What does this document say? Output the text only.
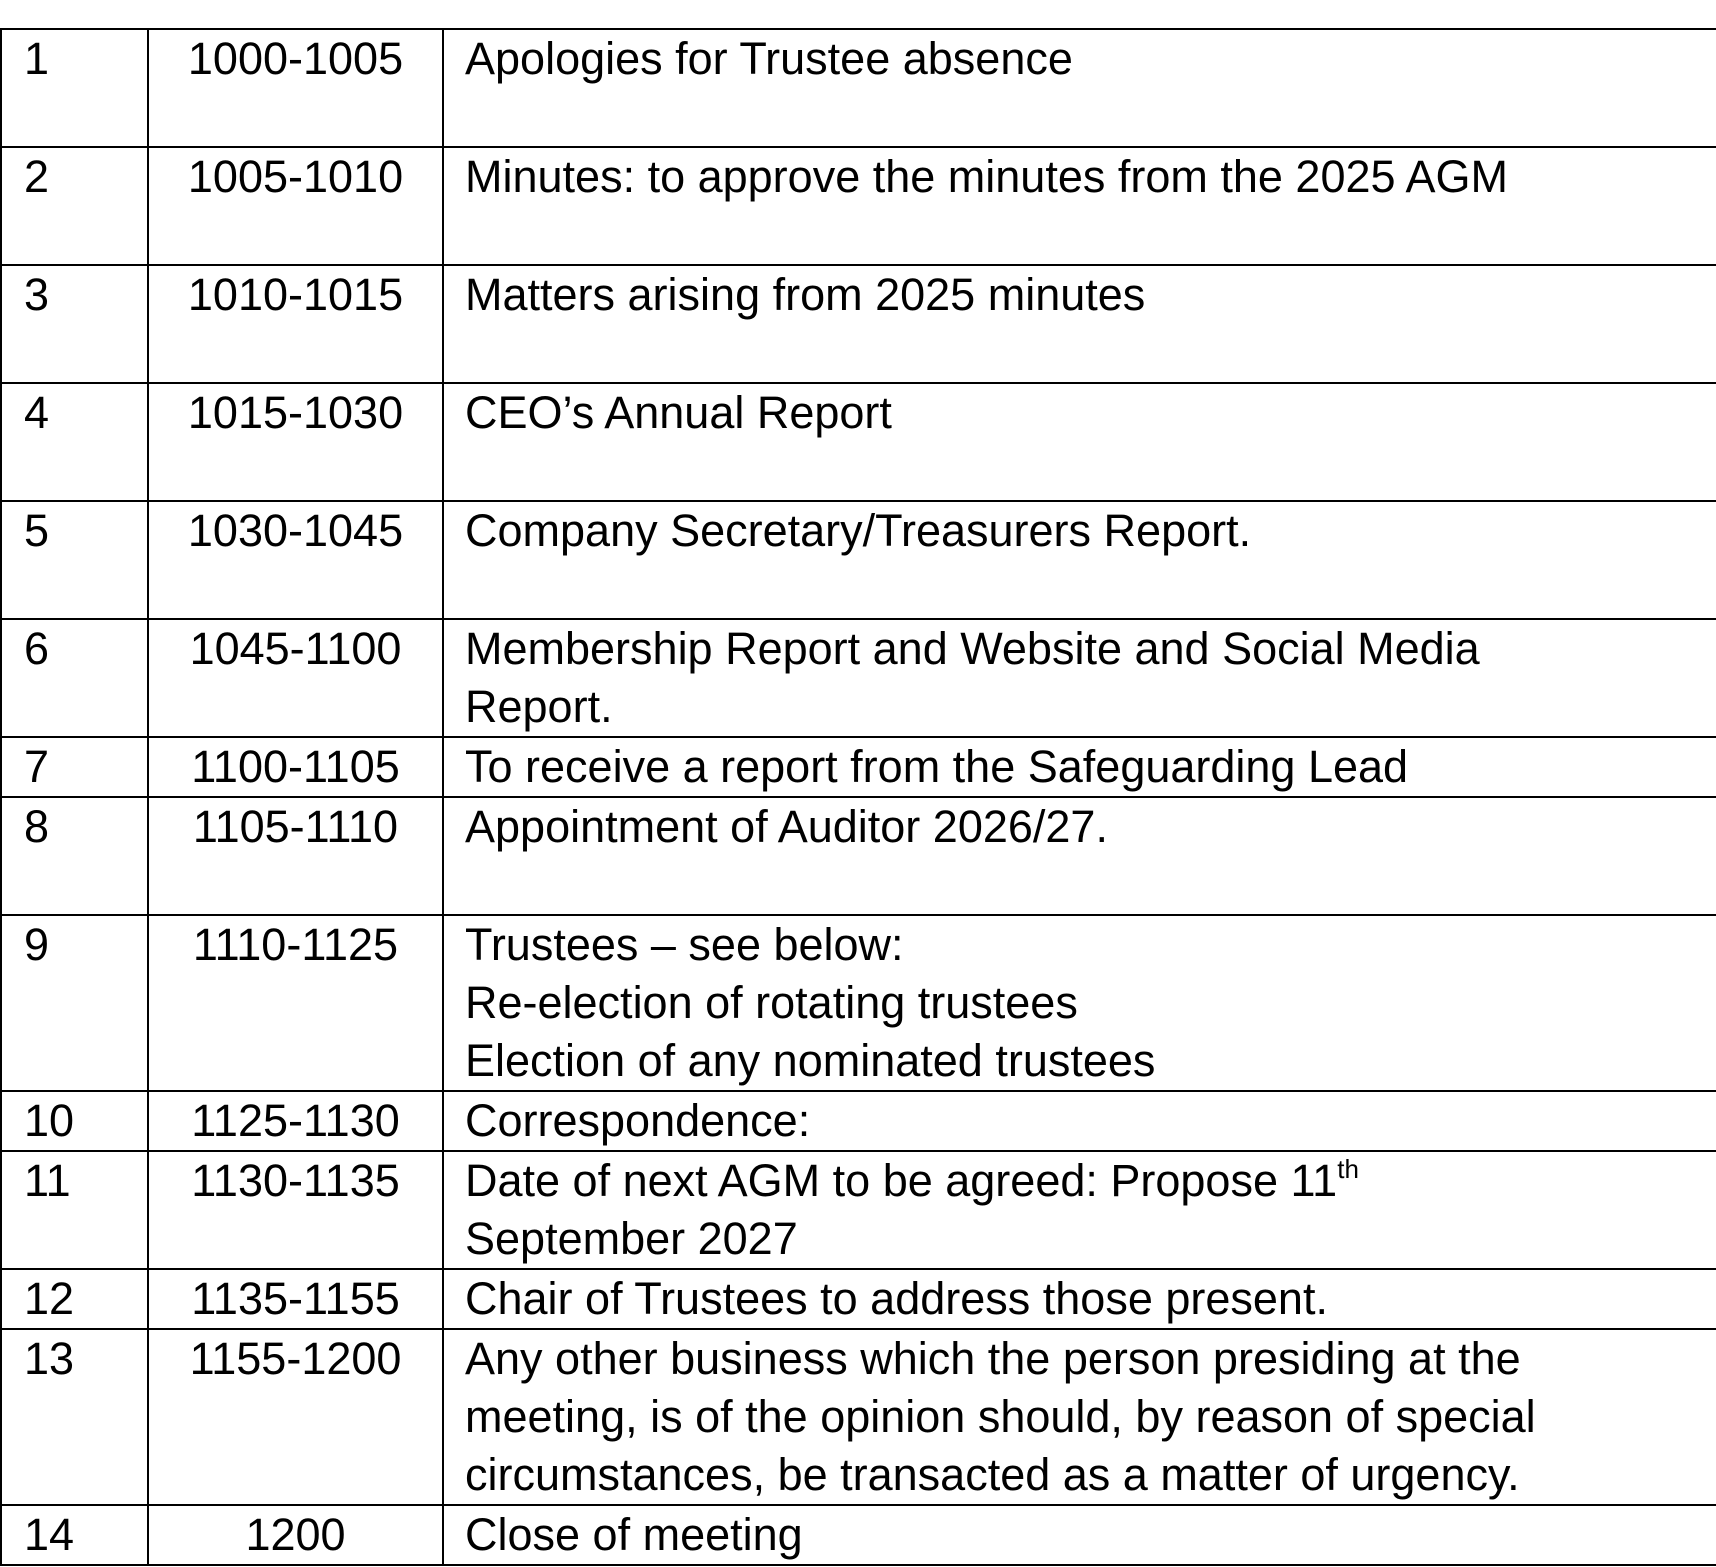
1	1000-1005	Apologies for Trustee absence

2	1005-1010	Minutes: to approve the minutes from the 2025 AGM

3	1010-1015	Matters arising from 2025 minutes

4	1015-1030	CEO’s Annual Report

5	1030-1045	Company Secretary/Treasurers Report.

6	1045-1100	Membership Report and Website and Social Media
Report.

7	1100-1105	To receive a report from the Safeguarding Lead

8	1105-1110	Appointment of Auditor 2026/27.

9	1110-1125	Trustees – see below:
Re-election of rotating trustees
Election of any nominated trustees

10	1125-1130	Correspondence:

11	1130-1135	Date of next AGM to be agreed: Propose 11th
September 2027

12	1135-1155	Chair of Trustees to address those present.

13	1155-1200	Any other business which the person presiding at the
meeting, is of the opinion should, by reason of special
circumstances, be transacted as a matter of urgency.

14	1200	Close of meeting
